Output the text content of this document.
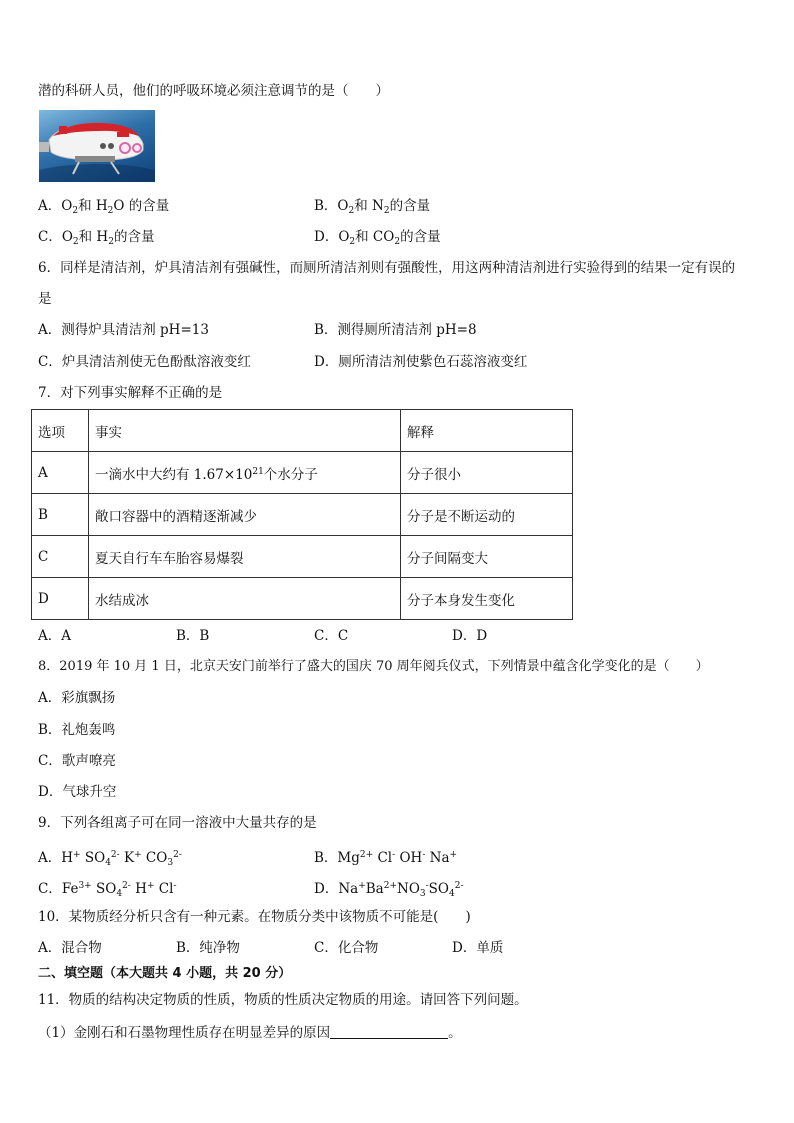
潜的科研人员，他们的呼吸环境必须注意调节的是（　　）
A．$O_2$和 $H_2O$ 的含量	B．$O_2$和 $N_2$的含量
C．$O_2$和 $H_2$的含量	D．$O_2$和 $CO_2$的含量
6．同样是清洁剂，炉具清洁剂有强碱性，而厕所清洁剂则有强酸性，用这两种清洁剂进行实验得到的结果一定有误的
是
A．测得炉具清洁剂 pH=13	B．测得厕所清洁剂 pH=8
C．炉具清洁剂使无色酚酞溶液变红	D．厕所清洁剂使紫色石蕊溶液变红
7．对下列事实解释不正确的是
选项	事实	解释
A	一滴水中大约有 $1.67\times 10^{21}$个水分子	分子很小
B	敞口容器中的酒精逐渐减少	分子是不断运动的
C	夏天自行车车胎容易爆裂	分子间隔变大
D	水结成冰	分子本身发生变化
A．A	B．B	C．C	D．D
8．2019 年 10 月 1 日，北京天安门前举行了盛大的国庆 70 周年阅兵仪式，下列情景中蕴含化学变化的是（　　）
A．彩旗飘扬
B．礼炮轰鸣
C．歌声嘹亮
D．气球升空
9．下列各组离子可在同一溶液中大量共存的是
A．H+ $SO_4^{2-}$ K+ $CO_3^{2-}$	B．$Mg^{2+}$ Cl- OH- Na+
C．$Fe^{3+}$ $SO_4^{2-}$ H+ Cl-	D．$Na^+Ba^{2+}NO_3^-SO_4^{2-}$
10．某物质经分析只含有一种元素。在物质分类中该物质不可能是(　　)
A．混合物	B．纯净物	C．化合物	D．单质
二、填空题（本大题共 4 小题，共 20 分）
11．物质的结构决定物质的性质，物质的性质决定物质的用途。请回答下列问题。
（1）金刚石和石墨物理性质存在明显差异的原因	。
